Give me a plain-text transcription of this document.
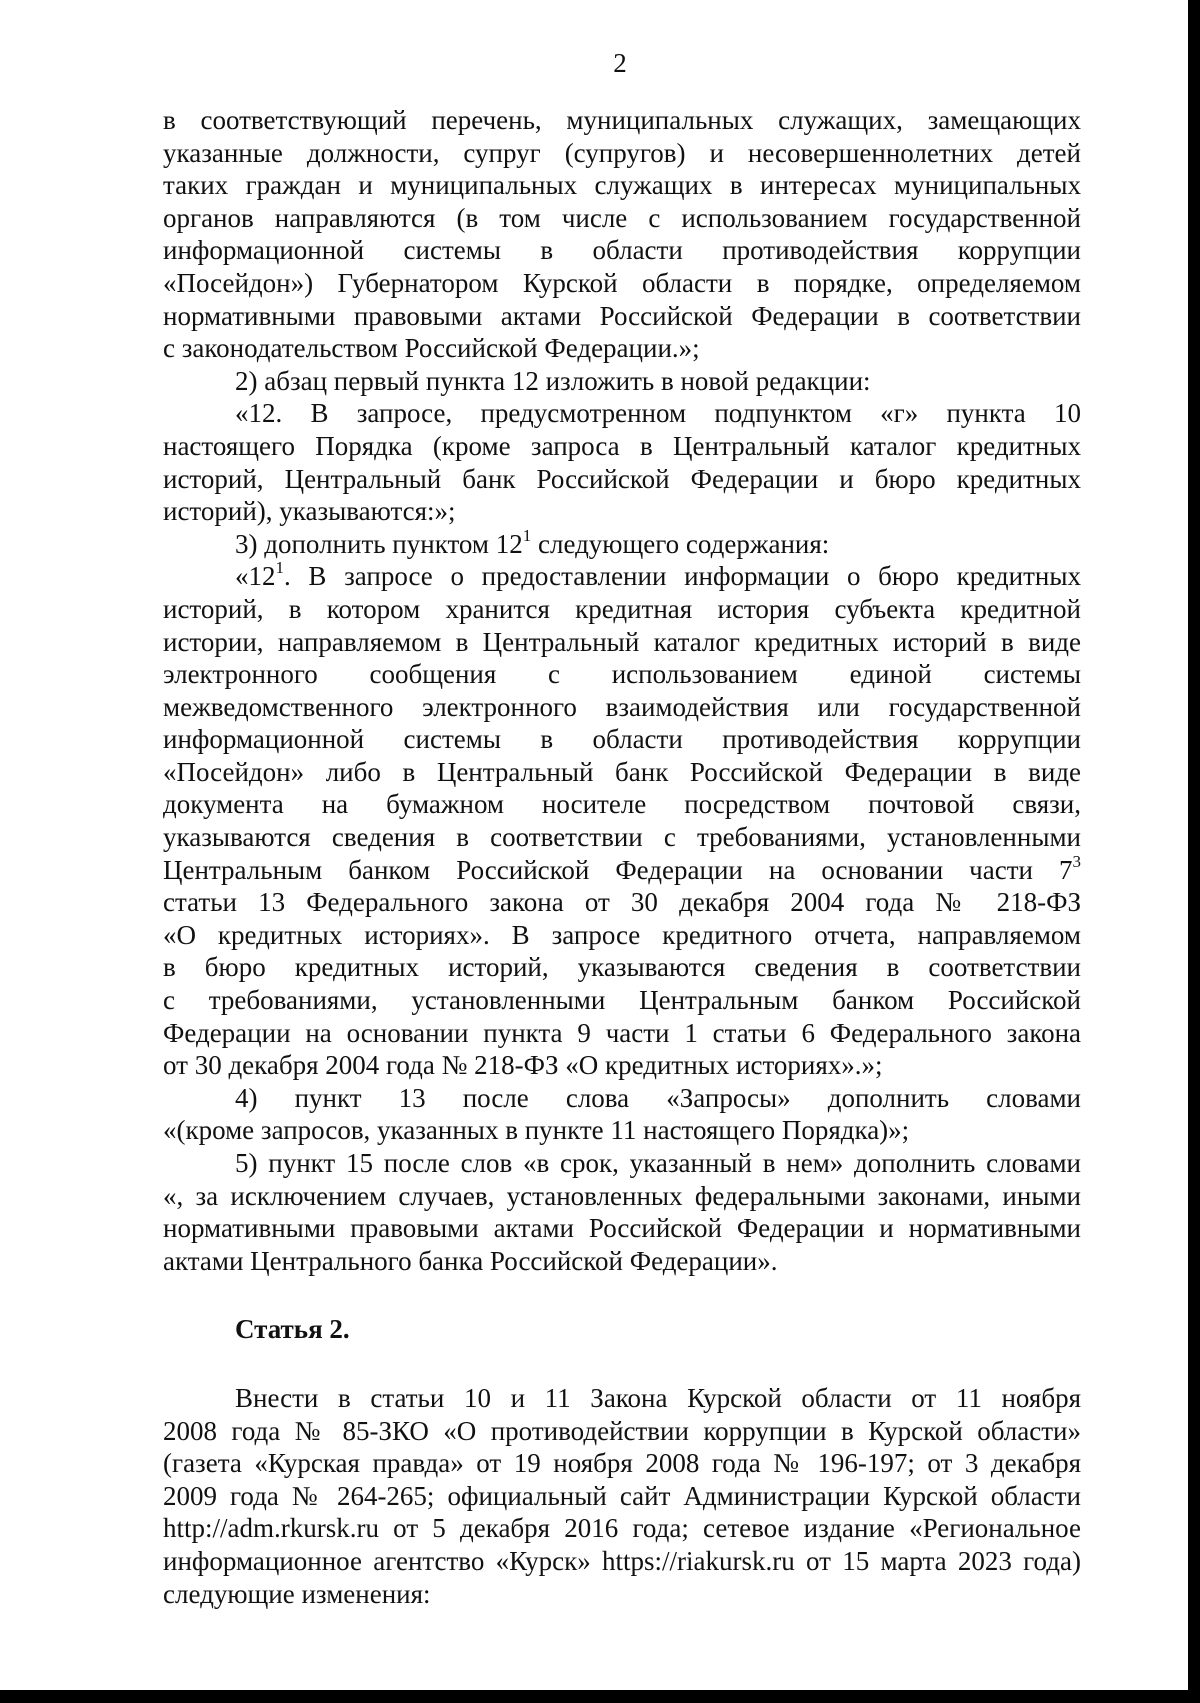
2
в соответствующий перечень, муниципальных служащих, замещающих
указанные должности, супруг (супругов) и несовершеннолетних детей
таких граждан и муниципальных служащих в интересах муниципальных
органов направляются (в том числе с использованием государственной
информационной системы в области противодействия коррупции
«Посейдон») Губернатором Курской области в порядке, определяемом
нормативными правовыми актами Российской Федерации в соответствии
с законодательством Российской Федерации.»;
2) абзац первый пункта 12 изложить в новой редакции:
«12. В запросе, предусмотренном подпунктом «г» пункта 10
настоящего Порядка (кроме запроса в Центральный каталог кредитных
историй, Центральный банк Российской Федерации и бюро кредитных
историй), указываются:»;
3) дополнить пунктом $12^1$ следующего содержания:
«$12^1$. В запросе о предоставлении информации о бюро кредитных
историй, в котором хранится кредитная история субъекта кредитной
истории, направляемом в Центральный каталог кредитных историй в виде
электронного сообщения с использованием единой системы
межведомственного электронного взаимодействия или государственной
информационной системы в области противодействия коррупции
«Посейдон» либо в Центральный банк Российской Федерации в виде
документа на бумажном носителе посредством почтовой связи,
указываются сведения в соответствии с требованиями, установленными
Центральным банком Российской Федерации на основании части $7^3$
статьи 13 Федерального закона от 30 декабря 2004 года № 218-ФЗ
«О кредитных историях». В запросе кредитного отчета, направляемом
в бюро кредитных историй, указываются сведения в соответствии
с требованиями, установленными Центральным банком Российской
Федерации на основании пункта 9 части 1 статьи 6 Федерального закона
от 30 декабря 2004 года № 218-ФЗ «О кредитных историях».»;
4) пункт 13 после слова «Запросы» дополнить словами
«(кроме запросов, указанных в пункте 11 настоящего Порядка)»;
5) пункт 15 после слов «в срок, указанный в нем» дополнить словами
«, за исключением случаев, установленных федеральными законами, иными
нормативными правовыми актами Российской Федерации и нормативными
актами Центрального банка Российской Федерации».
Статья 2.
Внести в статьи 10 и 11 Закона Курской области от 11 ноября
2008 года № 85-ЗКО «О противодействии коррупции в Курской области»
(газета «Курская правда» от 19 ноября 2008 года № 196-197; от 3 декабря
2009 года № 264-265; официальный сайт Администрации Курской области
http://adm.rkursk.ru от 5 декабря 2016 года; сетевое издание «Региональное
информационное агентство «Курск» https://riakursk.ru от 15 марта 2023 года)
следующие изменения:
